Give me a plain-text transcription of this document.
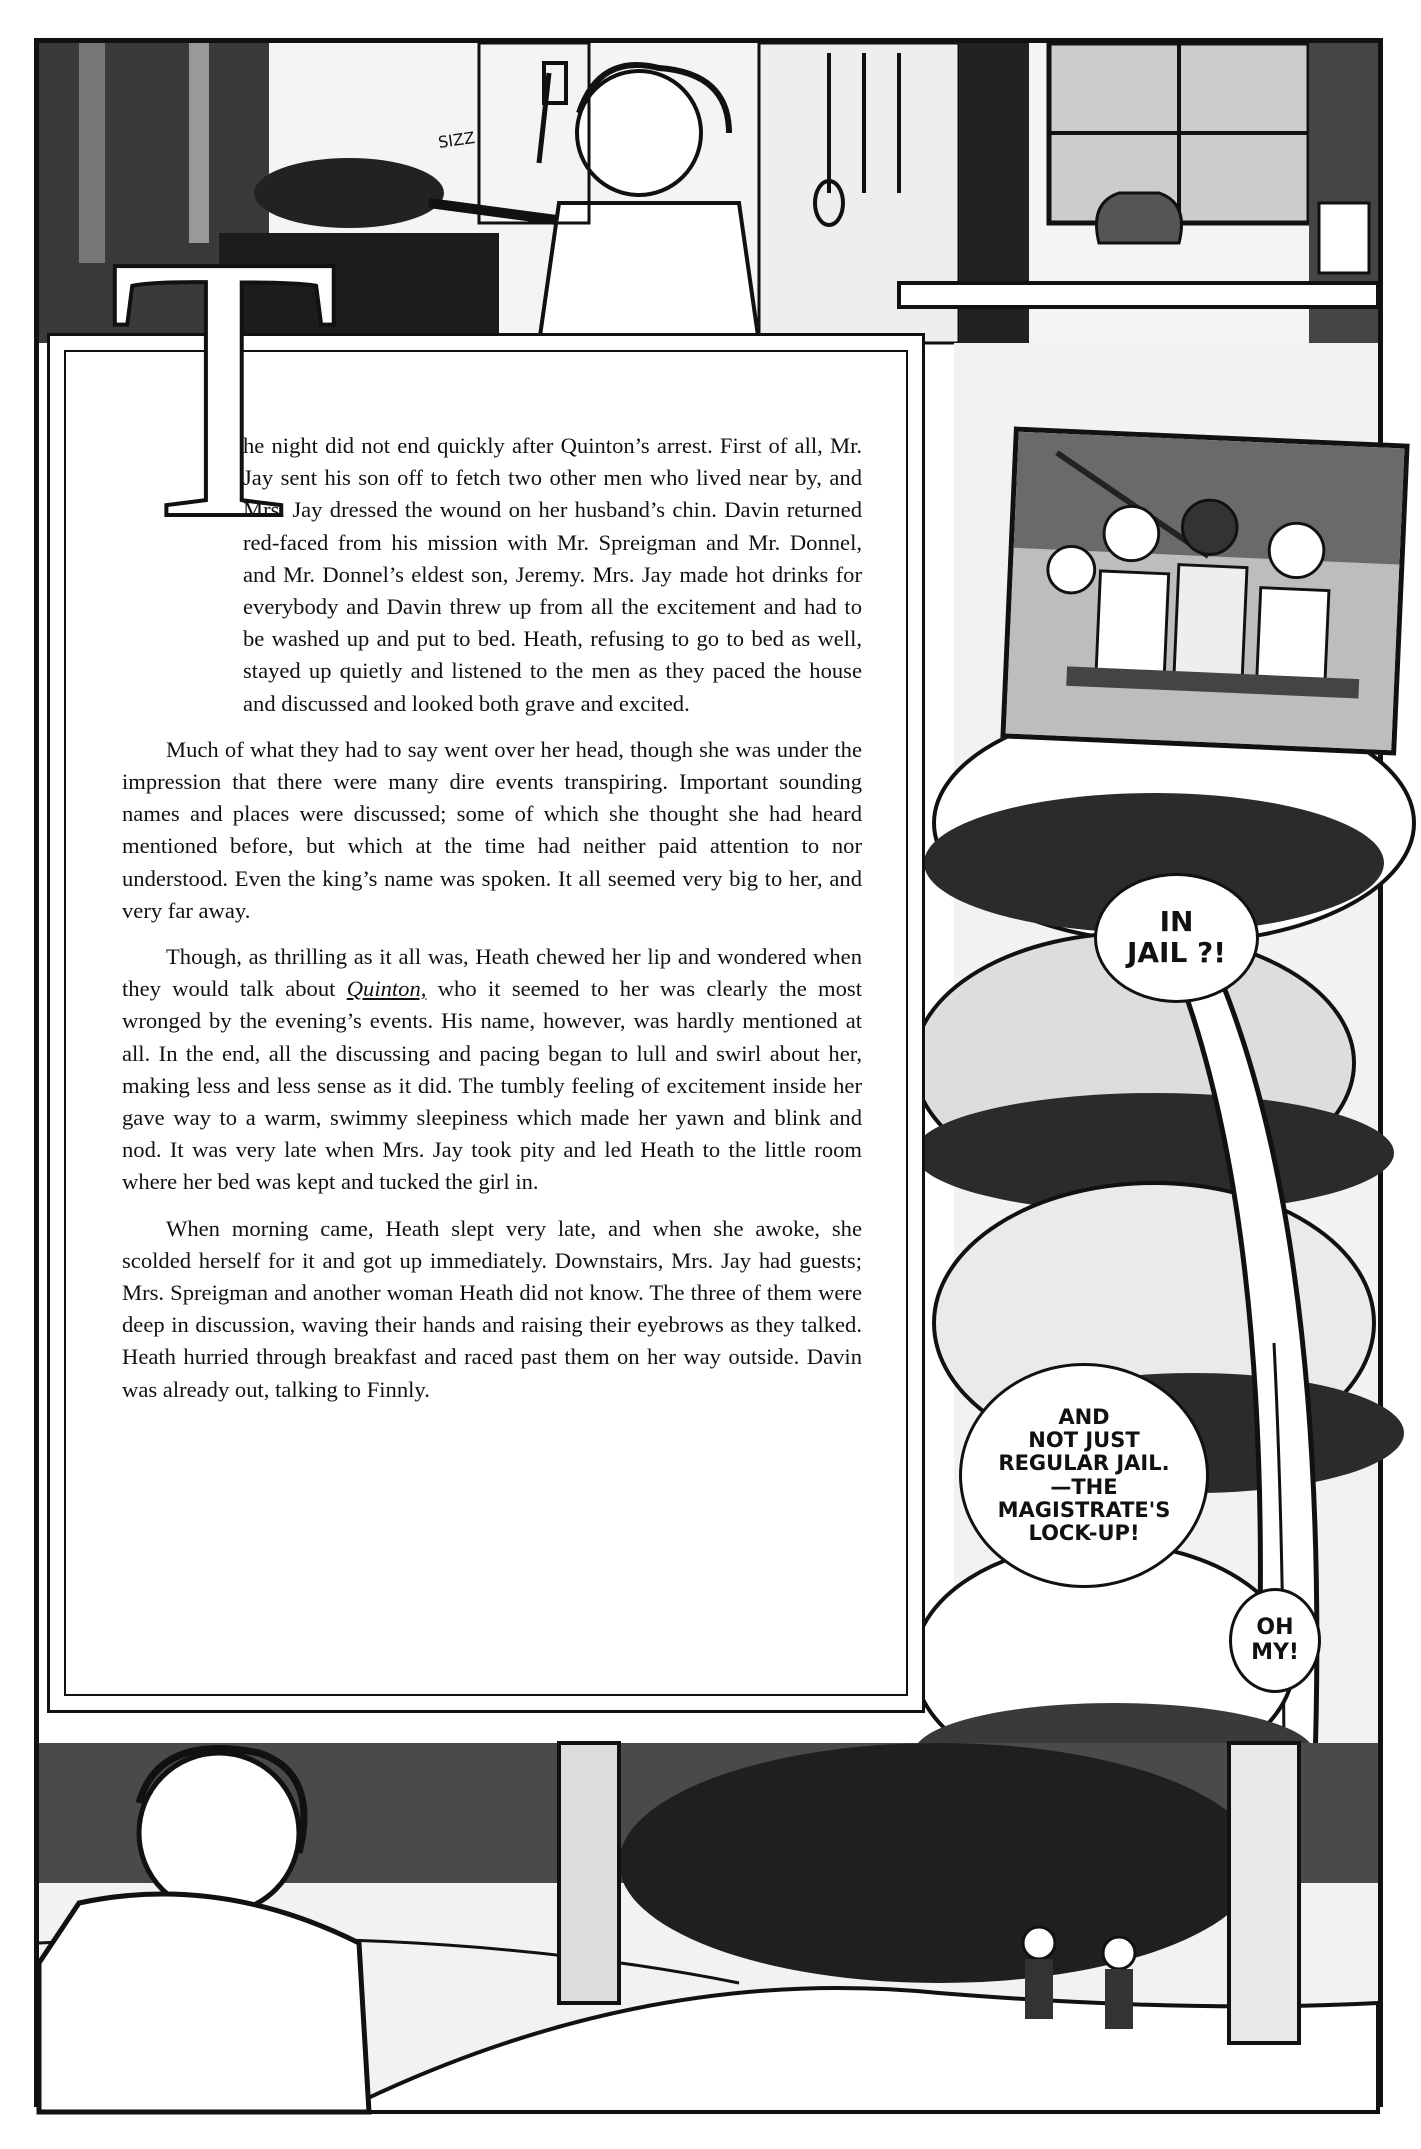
SIZZ
IN
JAIL ?!
AND
NOT JUST
REGULAR JAIL.
—THE
MAGISTRATE'S
LOCK-UP!
OH
MY!
T

he night did not end quickly after Quinton’s arrest. First of all, Mr. Jay sent his son off to fetch two other men who lived near by, and Mrs. Jay dressed the wound on her husband’s chin. Davin returned red-faced from his mission with Mr. Spreigman and Mr. Donnel, and Mr. Donnel’s eldest son, Jeremy. Mrs. Jay made hot drinks for everybody and Davin threw up from all the excitement and had to be washed up and put to bed. Heath, refusing to go to bed as well, stayed up quietly and listened to the men as they paced the house and discussed and looked both grave and excited.

Much of what they had to say went over her head, though she was under the impression that there were many dire events transpiring. Important sounding names and places were discussed; some of which she thought she had heard mentioned before, but which at the time had neither paid attention to nor understood. Even the king’s name was spoken. It all seemed very big to her, and very far away.

Though, as thrilling as it all was, Heath chewed her lip and wondered when they would talk about Quinton, who it seemed to her was clearly the most wronged by the evening’s events. His name, however, was hardly mentioned at all. In the end, all the discussing and pacing began to lull and swirl about her, making less and less sense as it did. The tumbly feeling of excitement inside her gave way to a warm, swimmy sleepiness which made her yawn and blink and nod. It was very late when Mrs. Jay took pity and led Heath to the little room where her bed was kept and tucked the girl in.

When morning came, Heath slept very late, and when she awoke, she scolded herself for it and got up immediately. Downstairs, Mrs. Jay had guests; Mrs. Spreigman and another woman Heath did not know. The three of them were deep in discussion, waving their hands and raising their eyebrows as they talked. Heath hurried through breakfast and raced past them on her way outside. Davin was already out, talking to Finnly.
